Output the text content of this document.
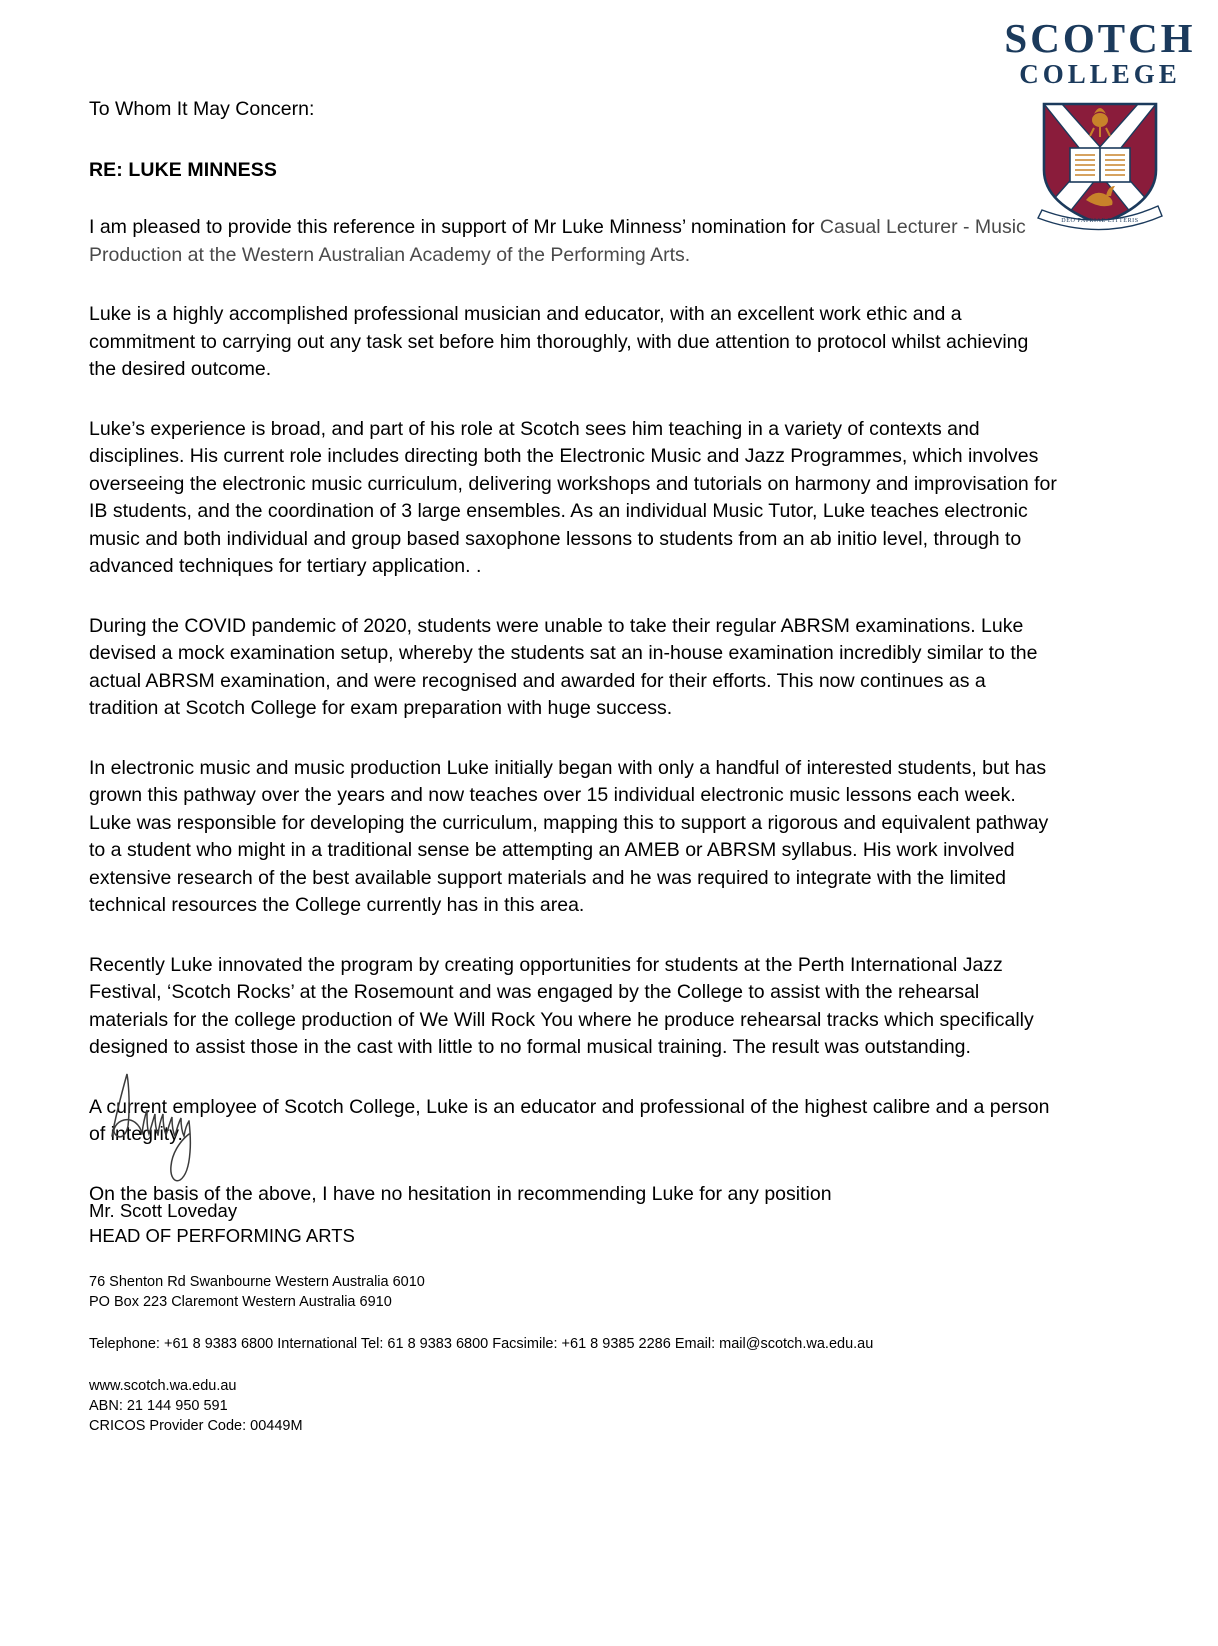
SCOTCH
COLLEGE
DEO PATRIAE LITTERIS

To Whom It May Concern:

RE: LUKE MINNESS

I am pleased to provide this reference in support of Mr Luke Minness’ nomination for Casual Lecturer - Music Production at the Western Australian Academy of the Performing Arts.

Luke is a highly accomplished professional musician and educator, with an excellent work ethic and a commitment to carrying out any task set before him thoroughly, with due attention to protocol whilst achieving the desired outcome.

Luke’s experience is broad, and part of his role at Scotch sees him teaching in a variety of contexts and disciplines. His current role includes directing both the Electronic Music and Jazz Programmes, which involves overseeing the electronic music curriculum, delivering workshops and tutorials on harmony and improvisation for IB students, and the coordination of 3 large ensembles. As an individual Music Tutor, Luke teaches electronic music and both individual and group based saxophone lessons to students from an ab initio level, through to advanced techniques for tertiary application. .

During the COVID pandemic of 2020, students were unable to take their regular ABRSM examinations. Luke devised a mock examination setup, whereby the students sat an in-house examination incredibly similar to the actual ABRSM examination, and were recognised and awarded for their efforts. This now continues as a tradition at Scotch College for exam preparation with huge success.

In electronic music and music production Luke initially began with only a handful of interested students, but has grown this pathway over the years and now teaches over 15 individual electronic music lessons each week. Luke was responsible for developing the curriculum, mapping this to support a rigorous and equivalent pathway to a student who might in a traditional sense be attempting an AMEB or ABRSM syllabus. His work involved extensive research of the best available support materials and he was required to integrate with the limited technical resources the College currently has in this area.

Recently Luke innovated the program by creating opportunities for students at the Perth International Jazz Festival, ‘Scotch Rocks’ at the Rosemount and was engaged by the College to assist with the rehearsal materials for the college production of We Will Rock You where he produce rehearsal tracks which specifically designed to assist those in the cast with little to no formal musical training. The result was outstanding.

A current employee of Scotch College, Luke is an educator and professional of the highest calibre and a person of integrity.

On the basis of the above, I have no hesitation in recommending Luke for any position

Mr. Scott Loveday
HEAD OF PERFORMING ARTS
76 Shenton Rd Swanbourne Western Australia 6010
PO Box 223 Claremont Western Australia 6910
Telephone: +61 8 9383 6800 International Tel: 61 8 9383 6800 Facsimile: +61 8 9385 2286 Email: mail@scotch.wa.edu.au
www.scotch.wa.edu.au
ABN: 21 144 950 591
CRICOS Provider Code: 00449M
